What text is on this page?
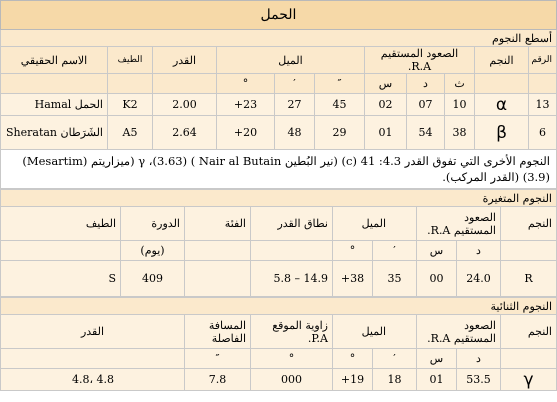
الحمل										
أسطع النجوم										
الرقم	النجم	الصعود المستقيم R.A.			الميل			القدر	الطيف	الاسم الحقيقي
		ث	د	س	″	′	°			
13	α	10	07	02	45	27	+23	2.00	K2	الحمل Hamal
6	β	38	54	01	29	48	+20	2.64	A5	الشَرَطان Sheratan
النجوم الأخرى التي تفوق القدر 4.3: 41 (c) (نير البُطين Nair al Butain ) (3.63)، γ (ميزاريتم (Mesartim) (3.9) (القدر المركب).										
النجوم المتغيرة								
النجم	الصعود المستقيم R.A.		الميل		نطاق القدر	الفئة	الدورة	الطيف
	د	س	′	°			(يوم)	
R	24.0	00	35	+38	14.9 – 5.8		409	S
النجوم الثنائية							
النجم	الصعود المستقيم R.A.		الميل		زاوية الموقع P.A.	المسافة الفاصلة	القدر
	د	س	′	°	°	″	
γ	53.5	01	18	+19	000	7.8	4.8 ،4.8
